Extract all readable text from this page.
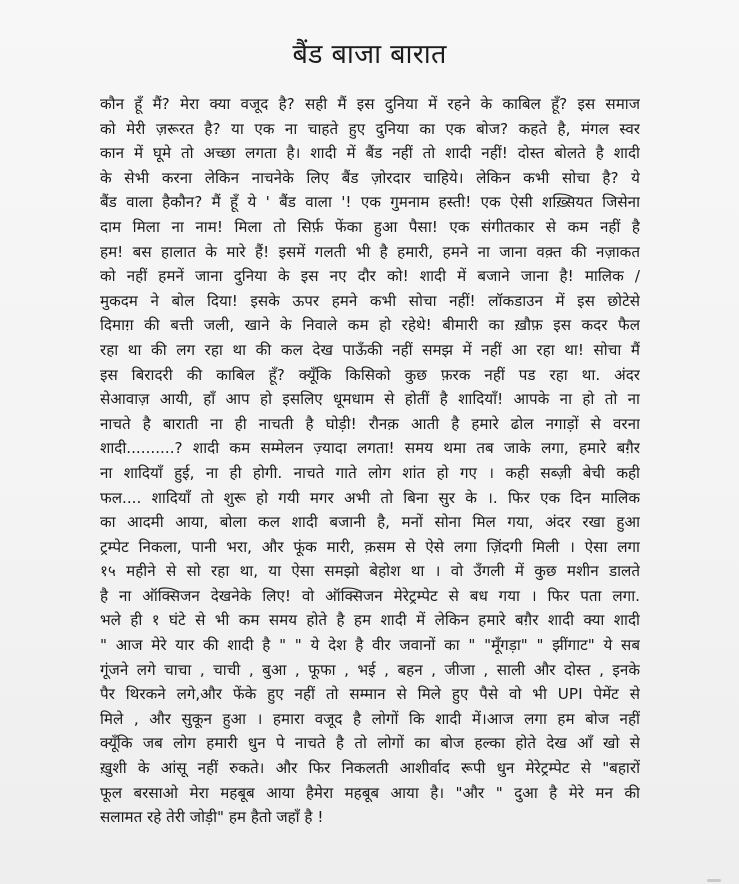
बैंड बाजा बारात
कौन हूँ मैं? मेरा क्या वजूद है? सही मैं इस दुनिया में रहने के काबिल हूँ? इस समाज
को मेरी ज़रूरत है? या एक ना चाहते हुए दुनिया का एक बोज? कहते है, मंगल स्वर
कान में घूमे तो अच्छा लगता है। शादी में बैंड नहीं तो शादी नहीं! दोस्त बोलते है शादी
के सेभी करना लेकिन नाचनेके लिए बैंड ज़ोरदार चाहिये। लेकिन कभी सोचा है? ये
बैंड वाला हैकौन? मैं हूँ ये ' बैंड वाला '! एक गुमनाम हस्ती! एक ऐसी शख़्सियत जिसेना
दाम मिला ना नाम! मिला तो सिर्फ़ फेंका हुआ पैसा! एक संगीतकार से कम नहीं है
हम! बस हालात के मारे हैं! इसमें गलती भी है हमारी, हमने ना जाना वक़्त की नज़ाकत
को नहीं हमनें जाना दुनिया के इस नए दौर को! शादी में बजाने जाना है! मालिक /
मुकदम ने बोल दिया! इसके ऊपर हमने कभी सोचा नहीं! लॉकडाउन में इस छोटेसे
दिमाग़ की बत्ती जली, खाने के निवाले कम हो रहेथे! बीमारी का ख़ौफ़ इस कदर फैल
रहा था की लग रहा था की कल देख पाऊँकी नहीं समझ में नहीं आ रहा था! सोचा मैं
इस बिरादरी की काबिल हूँ? क्यूँकि किसिको कुछ फ़रक नहीं पड रहा था. अंदर
सेआवाज़ आयी, हाँ आप हो इसलिए धूमधाम से होतीं है शादियाँ! आपके ना हो तो ना
नाचते है बाराती ना ही नाचती है घोड़ी! रौनक़ आती है हमारे ढोल नगाड़ों से वरना
शादी..........? शादी कम सम्मेलन ज़्यादा लगता! समय थमा तब जाके लगा, हमारे बग़ैर
ना शादियाँ हुई, ना ही होगी. नाचते गाते लोग शांत हो गए । कही सब्ज़ी बेची कही
फल.... शादियाँ तो शुरू हो गयी मगर अभी तो बिना सुर के ।. फिर एक दिन मालिक
का आदमी आया, बोला कल शादी बजानी है, मनों सोना मिल गया, अंदर रखा हुआ
ट्रम्पेट निकला, पानी भरा, और फूंक मारी, क़सम से ऐसे लगा ज़िंदगी मिली । ऐसा लगा
१५ महीने से सो रहा था, या ऐसा समझो बेहोश था । वो उँगली में कुछ मशीन डालते
है ना ऑक्सिजन देखनेके लिए! वो ऑक्सिजन मेरेट्रम्पेट से बध गया । फिर पता लगा.
भले ही १ घंटे से भी कम समय होते है हम शादी में लेकिन हमारे बग़ैर शादी क्या शादी
" आज मेरे यार की शादी है " " ये देश है वीर जवानों का " "मूँगड़ा" " झींगाट" ये सब
गूंजने लगे चाचा , चाची , बुआ , फूफा , भई , बहन , जीजा , साली और दोस्त , इनके
पैर थिरकने लगे,और फेंके हुए नहीं तो सम्मान से मिले हुए पैसे वो भी UPI पेमेंट से
मिले , और सुकून हुआ । हमारा वजूद है लोगों कि शादी में।आज लगा हम बोज नहीं
क्यूँकि जब लोग हमारी धुन पे नाचते है तो लोगों का बोज हल्का होते देख आँ खो से
ख़ुशी के आंसू नहीं रुकते। और फिर निकलती आशीर्वाद रूपी धुन मेरेट्रम्पेट से "बहारों
फूल बरसाओ मेरा महबूब आया हैमेरा महबूब आया है। "और " दुआ है मेरे मन की
सलामत रहे तेरी जोड़ी" हम हैतो जहाँ है !
